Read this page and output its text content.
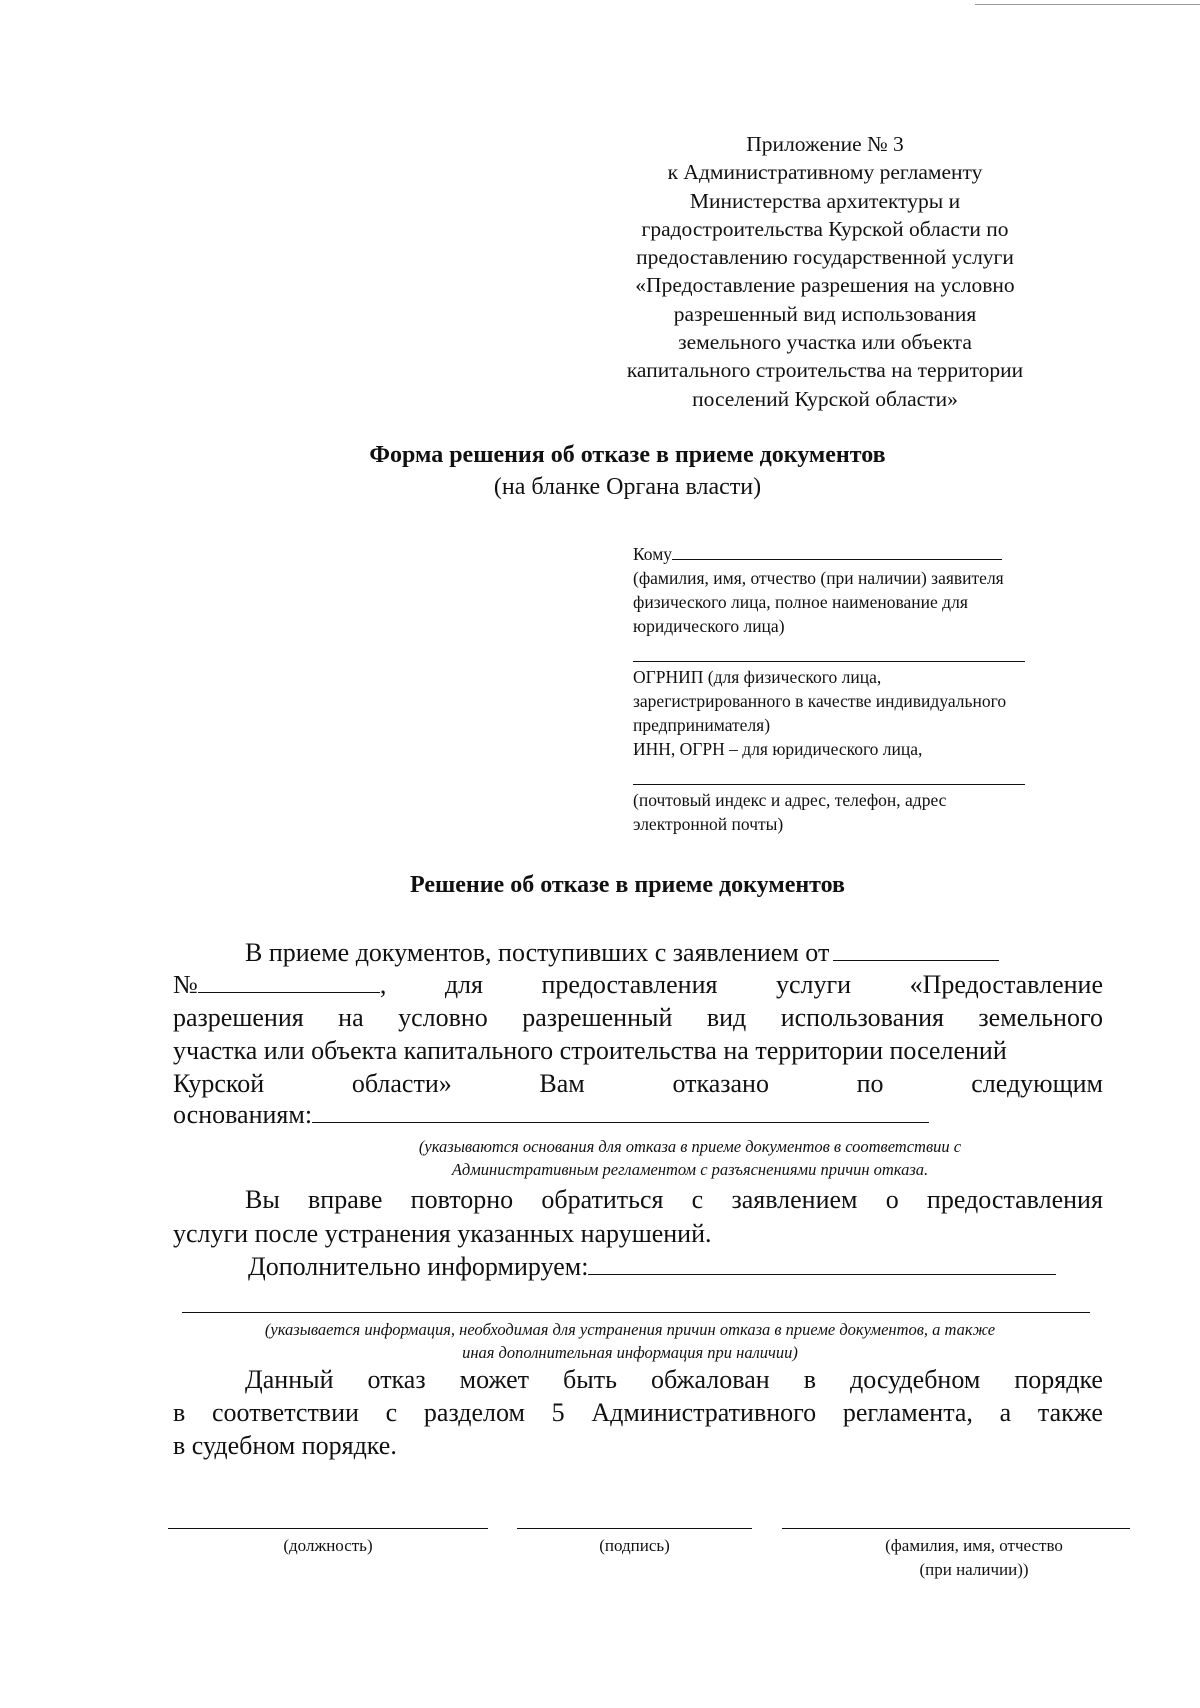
Приложение № 3
к Административному регламенту
Министерства архитектуры и
градостроительства Курской области по
предоставлению государственной услуги
«Предоставление разрешения на условно
разрешенный вид использования
земельного участка или объекта
капитального строительства на территории
поселений Курской области»
Форма решения об отказе в приеме документов
(на бланке Органа власти)
Кому
(фамилия, имя, отчество (при наличии) заявителя
физического лица, полное наименование для
юридического лица)
ОГРНИП (для физического лица,
зарегистрированного в качестве индивидуального
предпринимателя)
ИНН, ОГРН – для юридического лица,
(почтовый индекс и адрес, телефон, адрес
электронной почты)
Решение об отказе в приеме документов
В приеме документов, поступивших с заявлением от
№	, для предоставления услуги «Предоставление
разрешения на условно разрешенный вид использования земельного
участка или объекта капитального строительства на территории поселений
Курской	области»	Вам	отказано	по	следующим
основаниям:
(указываются основания для отказа в приеме документов в соответствии с
Административным регламентом с разъяснениями причин отказа.
Вы вправе повторно обратиться с заявлением о предоставления
услуги после устранения указанных нарушений.
Дополнительно информируем:
(указывается информация, необходимая для устранения причин отказа в приеме документов, а также
иная дополнительная информация при наличии)
Данный отказ может быть обжалован в досудебном порядке
в соответствии с разделом 5 Административного регламента, а также
в судебном порядке.
(должность)	(подпись)	(фамилия, имя, отчество
(при наличии))
